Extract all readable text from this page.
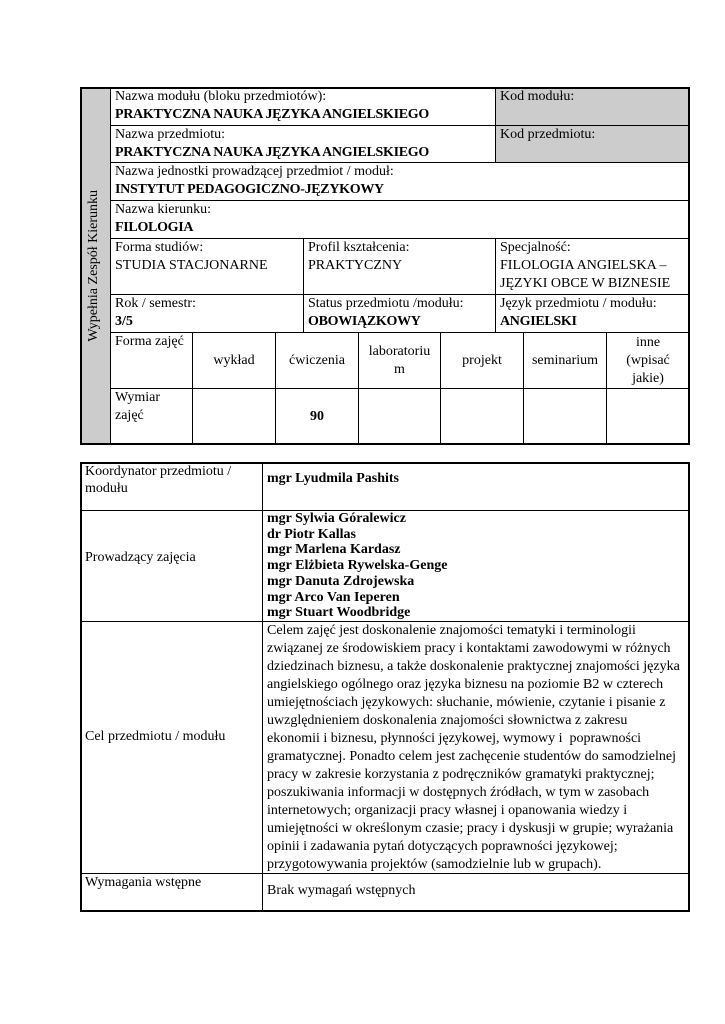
Wypełnia Zespół Kierunku
Nazwa modułu (bloku przedmiotów):
PRAKTYCZNA NAUKA JĘZYKA ANGIELSKIEGO
Kod modułu:
Nazwa przedmiotu:
PRAKTYCZNA NAUKA JĘZYKA ANGIELSKIEGO
Kod przedmiotu:
Nazwa jednostki prowadzącej przedmiot / moduł:
INSTYTUT PEDAGOGICZNO-JĘZYKOWY
Nazwa kierunku:
FILOLOGIA
Forma studiów:
STUDIA STACJONARNE
Profil kształcenia:
PRAKTYCZNY
Specjalność:
FILOLOGIA ANGIELSKA –
JĘZYKI OBCE W BIZNESIE
Rok / semestr:
3/5
Status przedmiotu /modułu:
OBOWIĄZKOWY
Język przedmiotu / modułu:
ANGIELSKI
Forma zajęć
wykład ćwiczenia
laboratoriu
m
projekt seminarium
inne
(wpisać
jakie)
Wymiar
zajęć	90
Koordynator przedmiotu /
modułu
mgr Lyudmila Pashits
Prowadzący zajęcia
mgr Sylwia Góralewicz
dr Piotr Kallas
mgr Marlena Kardasz
mgr Elżbieta Rywelska-Genge
mgr Danuta Zdrojewska
mgr Arco Van Ieperen
mgr Stuart Woodbridge
Cel przedmiotu / modułu
Celem zajęć jest doskonalenie znajomości tematyki i terminologii
związanej ze środowiskiem pracy i kontaktami zawodowymi w różnych
dziedzinach biznesu, a także doskonalenie praktycznej znajomości języka
angielskiego ogólnego oraz języka biznesu na poziomie B2 w czterech
umiejętnościach językowych: słuchanie, mówienie, czytanie i pisanie z
uwzględnieniem doskonalenia znajomości słownictwa z zakresu
ekonomii i biznesu, płynności językowej, wymowy i  poprawności
gramatycznej. Ponadto celem jest zachęcenie studentów do samodzielnej
pracy w zakresie korzystania z podręczników gramatyki praktycznej;
poszukiwania informacji w dostępnych źródłach, w tym w zasobach
internetowych; organizacji pracy własnej i opanowania wiedzy i
umiejętności w określonym czasie; pracy i dyskusji w grupie; wyrażania
opinii i zadawania pytań dotyczących poprawności językowej;
przygotowywania projektów (samodzielnie lub w grupach).
Wymagania wstępne
Brak wymagań wstępnych
